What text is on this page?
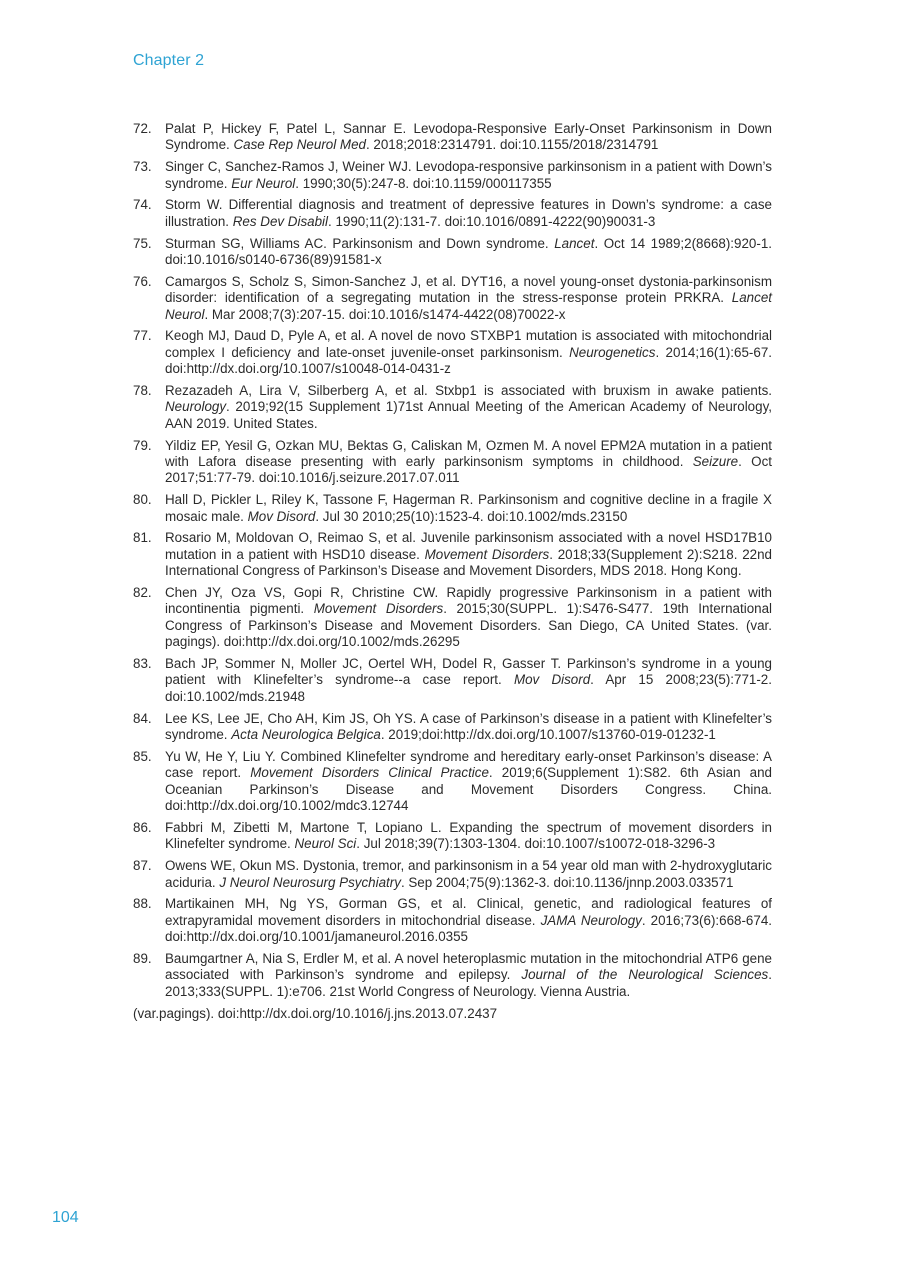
Chapter 2
72. Palat P, Hickey F, Patel L, Sannar E. Levodopa-Responsive Early-Onset Parkinsonism in Down Syndrome. Case Rep Neurol Med. 2018;2018:2314791. doi:10.1155/2018/2314791
73. Singer C, Sanchez-Ramos J, Weiner WJ. Levodopa-responsive parkinsonism in a patient with Down’s syndrome. Eur Neurol. 1990;30(5):247-8. doi:10.1159/000117355
74. Storm W. Differential diagnosis and treatment of depressive features in Down’s syndrome: a case illustration. Res Dev Disabil. 1990;11(2):131-7. doi:10.1016/0891-4222(90)90031-3
75. Sturman SG, Williams AC. Parkinsonism and Down syndrome. Lancet. Oct 14 1989;2(8668):920-1. doi:10.1016/s0140-6736(89)91581-x
76. Camargos S, Scholz S, Simon-Sanchez J, et al. DYT16, a novel young-onset dystonia-parkinsonism disorder: identification of a segregating mutation in the stress-response protein PRKRA. Lancet Neurol. Mar 2008;7(3):207-15. doi:10.1016/s1474-4422(08)70022-x
77. Keogh MJ, Daud D, Pyle A, et al. A novel de novo STXBP1 mutation is associated with mitochondrial complex I deficiency and late-onset juvenile-onset parkinsonism. Neurogenetics. 2014;16(1):65-67. doi:http://dx.doi.org/10.1007/s10048-014-0431-z
78. Rezazadeh A, Lira V, Silberberg A, et al. Stxbp1 is associated with bruxism in awake patients. Neurology. 2019;92(15 Supplement 1)71st Annual Meeting of the American Academy of Neurology, AAN 2019. United States.
79. Yildiz EP, Yesil G, Ozkan MU, Bektas G, Caliskan M, Ozmen M. A novel EPM2A mutation in a patient with Lafora disease presenting with early parkinsonism symptoms in childhood. Seizure. Oct 2017;51:77-79. doi:10.1016/j.seizure.2017.07.011
80. Hall D, Pickler L, Riley K, Tassone F, Hagerman R. Parkinsonism and cognitive decline in a fragile X mosaic male. Mov Disord. Jul 30 2010;25(10):1523-4. doi:10.1002/mds.23150
81. Rosario M, Moldovan O, Reimao S, et al. Juvenile parkinsonism associated with a novel HSD17B10 mutation in a patient with HSD10 disease. Movement Disorders. 2018;33(Supplement 2):S218. 22nd International Congress of Parkinson’s Disease and Movement Disorders, MDS 2018. Hong Kong.
82. Chen JY, Oza VS, Gopi R, Christine CW. Rapidly progressive Parkinsonism in a patient with incontinentia pigmenti. Movement Disorders. 2015;30(SUPPL. 1):S476-S477. 19th International Congress of Parkinson’s Disease and Movement Disorders. San Diego, CA United States. (var. pagings). doi:http://dx.doi.org/10.1002/mds.26295
83. Bach JP, Sommer N, Moller JC, Oertel WH, Dodel R, Gasser T. Parkinson’s syndrome in a young patient with Klinefelter’s syndrome--a case report. Mov Disord. Apr 15 2008;23(5):771-2. doi:10.1002/mds.21948
84. Lee KS, Lee JE, Cho AH, Kim JS, Oh YS. A case of Parkinson’s disease in a patient with Klinefelter’s syndrome. Acta Neurologica Belgica. 2019;doi:http://dx.doi.org/10.1007/s13760-019-01232-1
85. Yu W, He Y, Liu Y. Combined Klinefelter syndrome and hereditary early-onset Parkinson’s disease: A case report. Movement Disorders Clinical Practice. 2019;6(Supplement 1):S82. 6th Asian and Oceanian Parkinson’s Disease and Movement Disorders Congress. China. doi:http://dx.doi.org/10.1002/mdc3.12744
86. Fabbri M, Zibetti M, Martone T, Lopiano L. Expanding the spectrum of movement disorders in Klinefelter syndrome. Neurol Sci. Jul 2018;39(7):1303-1304. doi:10.1007/s10072-018-3296-3
87. Owens WE, Okun MS. Dystonia, tremor, and parkinsonism in a 54 year old man with 2-hydroxyglutaric aciduria. J Neurol Neurosurg Psychiatry. Sep 2004;75(9):1362-3. doi:10.1136/jnnp.2003.033571
88. Martikainen MH, Ng YS, Gorman GS, et al. Clinical, genetic, and radiological features of extrapyramidal movement disorders in mitochondrial disease. JAMA Neurology. 2016;73(6):668-674. doi:http://dx.doi.org/10.1001/jamaneurol.2016.0355
89. Baumgartner A, Nia S, Erdler M, et al. A novel heteroplasmic mutation in the mitochondrial ATP6 gene associated with Parkinson’s syndrome and epilepsy. Journal of the Neurological Sciences. 2013;333(SUPPL. 1):e706. 21st World Congress of Neurology. Vienna Austria.
(var.pagings). doi:http://dx.doi.org/10.1016/j.jns.2013.07.2437
104
